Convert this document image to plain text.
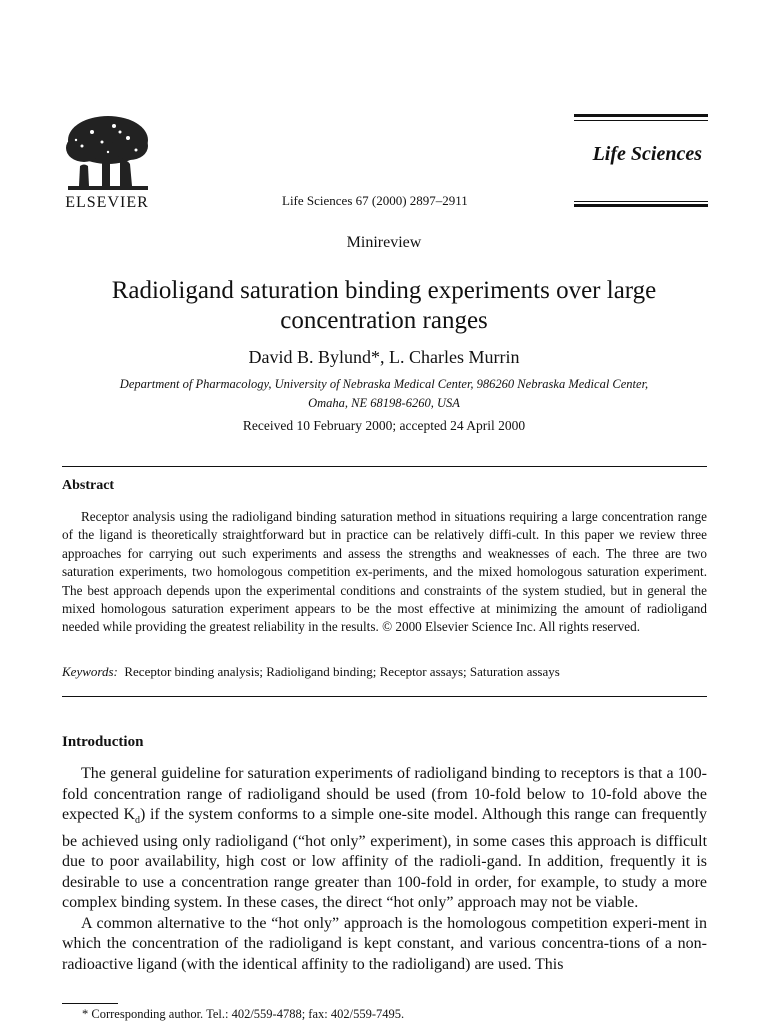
ELSEVIER	Life Sciences 67 (2000) 2897–2911
Life Sciences
Minireview
Radioligand saturation binding experiments over large
concentration ranges
David B. Bylund*, L. Charles Murrin
Department of Pharmacology, University of Nebraska Medical Center, 986260 Nebraska Medical Center,
Omaha, NE 68198-6260, USA
Received 10 February 2000; accepted 24 April 2000
Abstract

Receptor analysis using the radioligand binding saturation method in situations requiring a large concentration range of the ligand is theoretically straightforward but in practice can be relatively diffi-cult. In this paper we review three approaches for carrying out such experiments and assess the strengths and weaknesses of each. The three are two saturation experiments, two homologous competition ex-periments, and the mixed homologous saturation experiment. The best approach depends upon the experimental conditions and constraints of the system studied, but in general the mixed homologous saturation experiment appears to be the most effective at minimizing the amount of radioligand needed while providing the greatest reliability in the results. © 2000 Elsevier Science Inc. All rights reserved.

Keywords: Receptor binding analysis; Radioligand binding; Receptor assays; Saturation assays
Introduction

The general guideline for saturation experiments of radioligand binding to receptors is that a 100-fold concentration range of radioligand should be used (from 10-fold below to 10-fold above the expected $K_d$) if the system conforms to a simple one-site model. Although this range can frequently be achieved using only radioligand (“hot only” experiment), in some cases this approach is difficult due to poor availability, high cost or low affinity of the radioli-gand. In addition, frequently it is desirable to use a concentration range greater than 100-fold in order, for example, to study a more complex binding system. In these cases, the direct “hot only” approach may not be viable.

A common alternative to the “hot only” approach is the homologous competition experi-ment in which the concentration of the radioligand is kept constant, and various concentra-tions of a non-radioactive ligand (with the identical affinity to the radioligand) are used. This

* Corresponding author. Tel.: 402/559-4788; fax: 402/559-7495.
